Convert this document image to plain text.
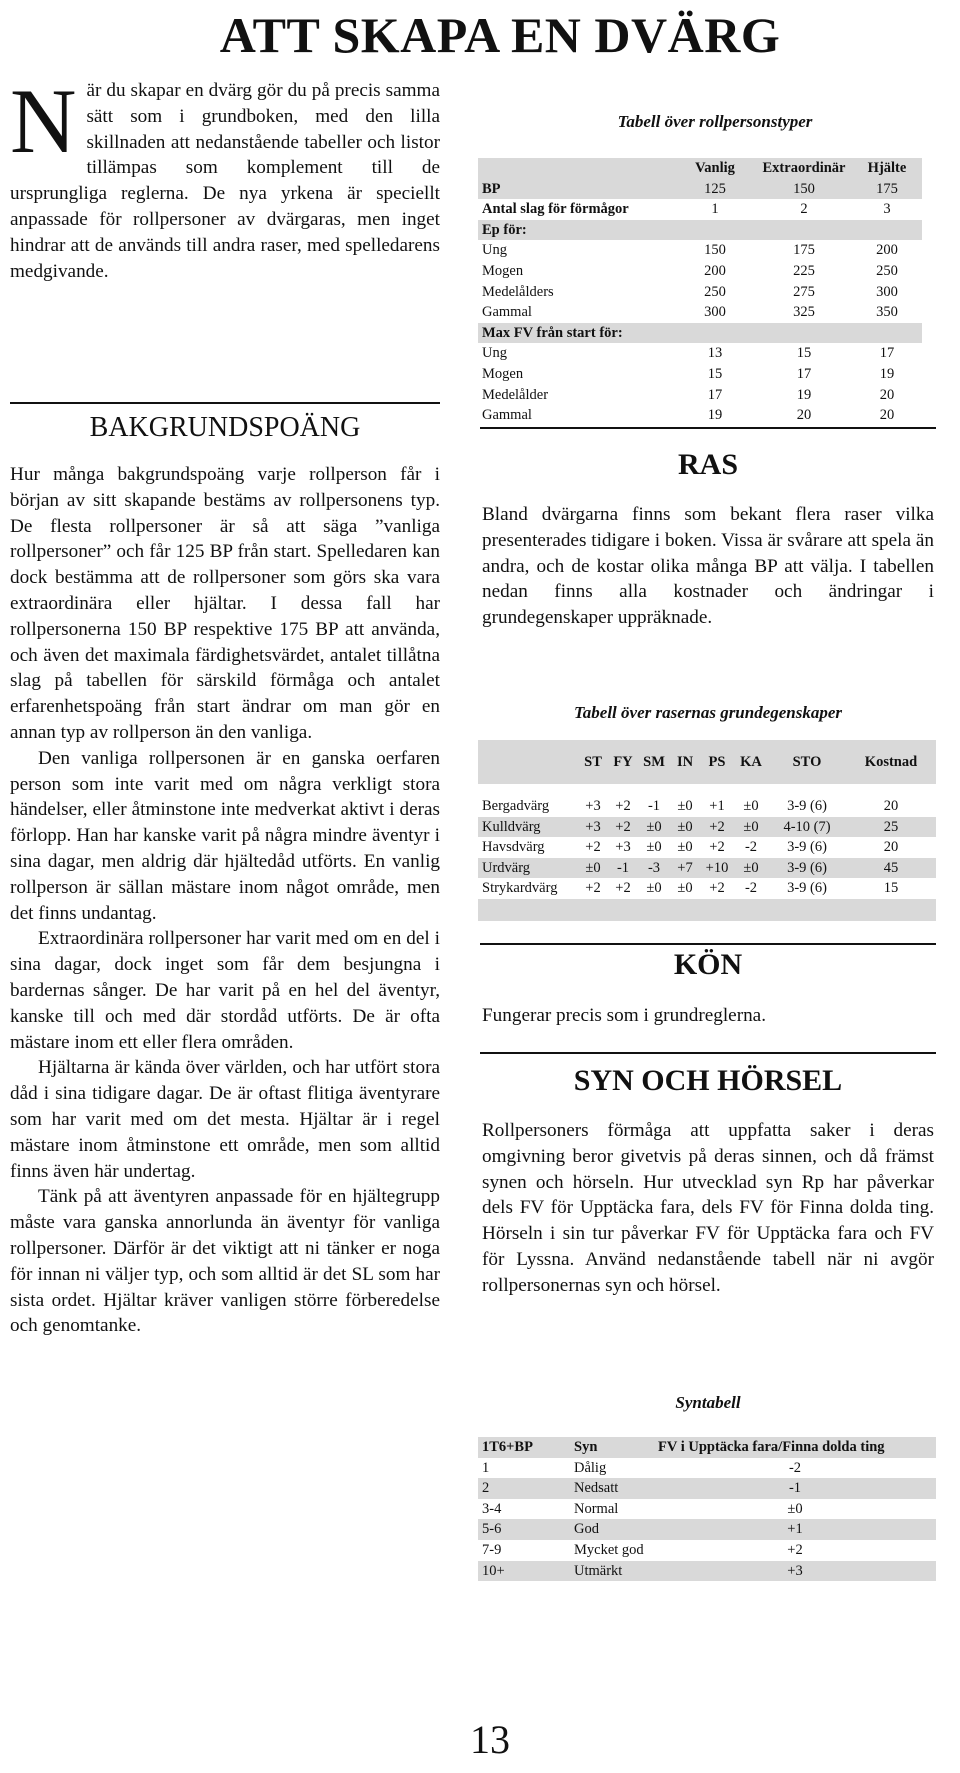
ATT SKAPA EN DVÄRG
När du skapar en dvärg gör du på precis samma sätt som i grundboken, med den lilla skillnaden att nedanstående tabeller och listor tillämpas som komplement till de ursprungliga reglerna. De nya yrkena är speciellt anpassade för rollpersoner av dvärgaras, men inget hindrar att de används till andra raser, med spelledarens medgivande.
BAKGRUNDSPOÄNG

Hur många bakgrundspoäng varje rollperson får i början av sitt skapande bestäms av rollpersonens typ. De flesta rollpersoner är så att säga ”vanliga rollpersoner” och får 125 BP från start. Spelledaren kan dock bestämma att de rollpersoner som görs ska vara extraordinära eller hjältar. I dessa fall har rollpersonerna 150 BP respektive 175 BP att använda, och även det maximala färdighetsvärdet, antalet tillåtna slag på tabellen för särskild förmåga och antalet erfarenhetspoäng från start ändrar om man gör en annan typ av rollperson än den vanliga.

Den vanliga rollpersonen är en ganska oerfaren person som inte varit med om några verkligt stora händelser, eller åtminstone inte medverkat aktivt i deras förlopp. Han har kanske varit på några mindre äventyr i sina dagar, men aldrig där hjältedåd utförts. En vanlig rollperson är sällan mästare inom något område, men det finns undantag.

Extraordinära rollpersoner har varit med om en del i sina dagar, dock inget som får dem besjungna i bardernas sånger. De har varit på en hel del äventyr, kanske till och med där stordåd utförts. De är ofta mästare inom ett eller flera områden.

Hjältarna är kända över världen, och har utfört stora dåd i sina tidigare dagar. De är oftast flitiga äventyrare som har varit med om det mesta. Hjältar är i regel mästare inom åtminstone ett område, men som alltid finns även här undertag.

Tänk på att äventyren anpassade för en hjältegrupp måste vara ganska annorlunda än äventyr för vanliga rollpersoner. Därför är det viktigt att ni tänker er noga för innan ni väljer typ, och som alltid är det SL som har sista ordet. Hjältar kräver vanligen större förberedelse och genomtanke.

Tabell över rollpersonstyper
	Vanlig	Extraordinär	Hjälte
BP	125	150	175
Antal slag för förmågor	1	2	3
Ep för:			
Ung	150	175	200
Mogen	200	225	250
Medelålders	250	275	300
Gammal	300	325	350
Max FV från start för:			
Ung	13	15	17
Mogen	15	17	19
Medelålder	17	19	20
Gammal	19	20	20
RAS
Bland dvärgarna finns som bekant flera raser vilka presenterades tidigare i boken. Vissa är svårare att spela än andra, och de kostar olika många BP att välja. I tabellen nedan finns alla kostnader och ändringar i grundegenskaper uppräknade.
Tabell över rasernas grundegenskaper
	ST	FY	SM	IN	PS	KA	STO	Kostnad

Bergadvärg	+3	+2	-1	±0	+1	±0	3-9 (6)	20
Kulldvärg	+3	+2	±0	±0	+2	±0	4-10 (7)	25
Havsdvärg	+2	+3	±0	±0	+2	-2	3-9 (6)	20
Urdvärg	±0	-1	-3	+7	+10	±0	3-9 (6)	45
Strykardvärg	+2	+2	±0	±0	+2	-2	3-9 (6)	15

KÖN
Fungerar precis som i grundreglerna.
SYN OCH HÖRSEL
Rollpersoners förmåga att uppfatta saker i deras omgivning beror givetvis på deras sinnen, och då främst synen och hörseln. Hur utvecklad syn Rp har påverkar dels FV för Upptäcka fara, dels FV för Finna dolda ting. Hörseln i sin tur påverkar FV för Upptäcka fara och FV för Lyssna. Använd nedanstående tabell när ni avgör rollpersonernas syn och hörsel.
Syntabell
1T6+BP	Syn	FV i Upptäcka fara/Finna dolda ting
1	Dålig	-2
2	Nedsatt	-1
3-4	Normal	±0
5-6	God	+1
7-9	Mycket god	+2
10+	Utmärkt	+3
13
